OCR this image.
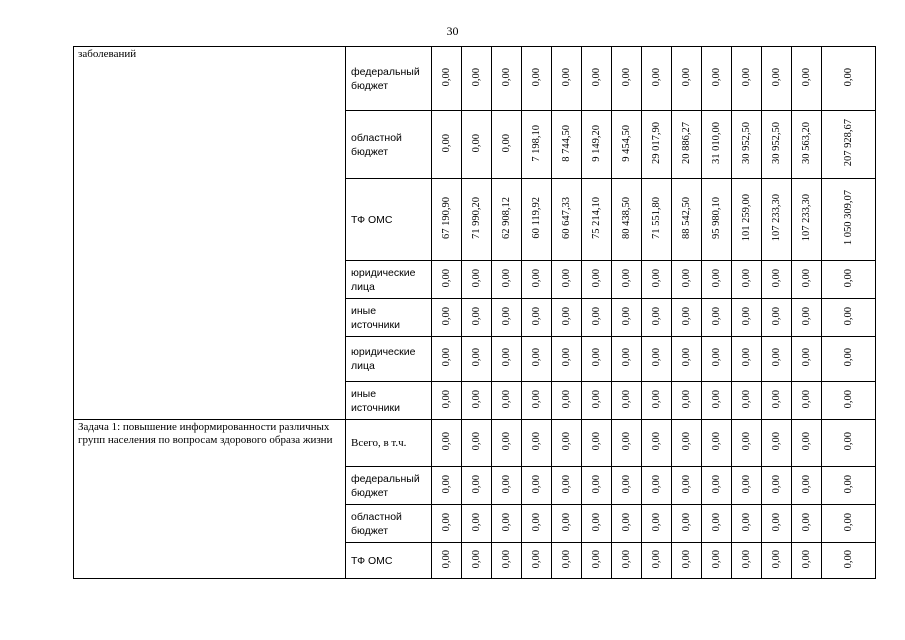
30
заболеваний	федеральный бюджет	0,00	0,00	0,00	0,00	0,00	0,00	0,00	0,00	0,00	0,00	0,00	0,00	0,00	0,00
	областной бюджет	0,00	0,00	0,00	7 198,10	8 744,50	9 149,20	9 454,50	29 017,90	20 886,27	31 010,00	30 952,50	30 952,50	30 563,20	207 928,67
	ТФ ОМС	67 190,90	71 990,20	62 908,12	60 119,92	60 647,33	75 214,10	80 438,50	71 551,80	88 542,50	95 980,10	101 259,00	107 233,30	107 233,30	1 050 309,07
	юридические лица	0,00	0,00	0,00	0,00	0,00	0,00	0,00	0,00	0,00	0,00	0,00	0,00	0,00	0,00
	иные источники	0,00	0,00	0,00	0,00	0,00	0,00	0,00	0,00	0,00	0,00	0,00	0,00	0,00	0,00
	юридические лица	0,00	0,00	0,00	0,00	0,00	0,00	0,00	0,00	0,00	0,00	0,00	0,00	0,00	0,00
	иные источники	0,00	0,00	0,00	0,00	0,00	0,00	0,00	0,00	0,00	0,00	0,00	0,00	0,00	0,00
Задача 1: повышение информированности различных групп населения по вопросам здорового образа жизни	Всего, в т.ч.	0,00	0,00	0,00	0,00	0,00	0,00	0,00	0,00	0,00	0,00	0,00	0,00	0,00	0,00
	федеральный бюджет	0,00	0,00	0,00	0,00	0,00	0,00	0,00	0,00	0,00	0,00	0,00	0,00	0,00	0,00
	областной бюджет	0,00	0,00	0,00	0,00	0,00	0,00	0,00	0,00	0,00	0,00	0,00	0,00	0,00	0,00
	ТФ ОМС	0,00	0,00	0,00	0,00	0,00	0,00	0,00	0,00	0,00	0,00	0,00	0,00	0,00	0,00
